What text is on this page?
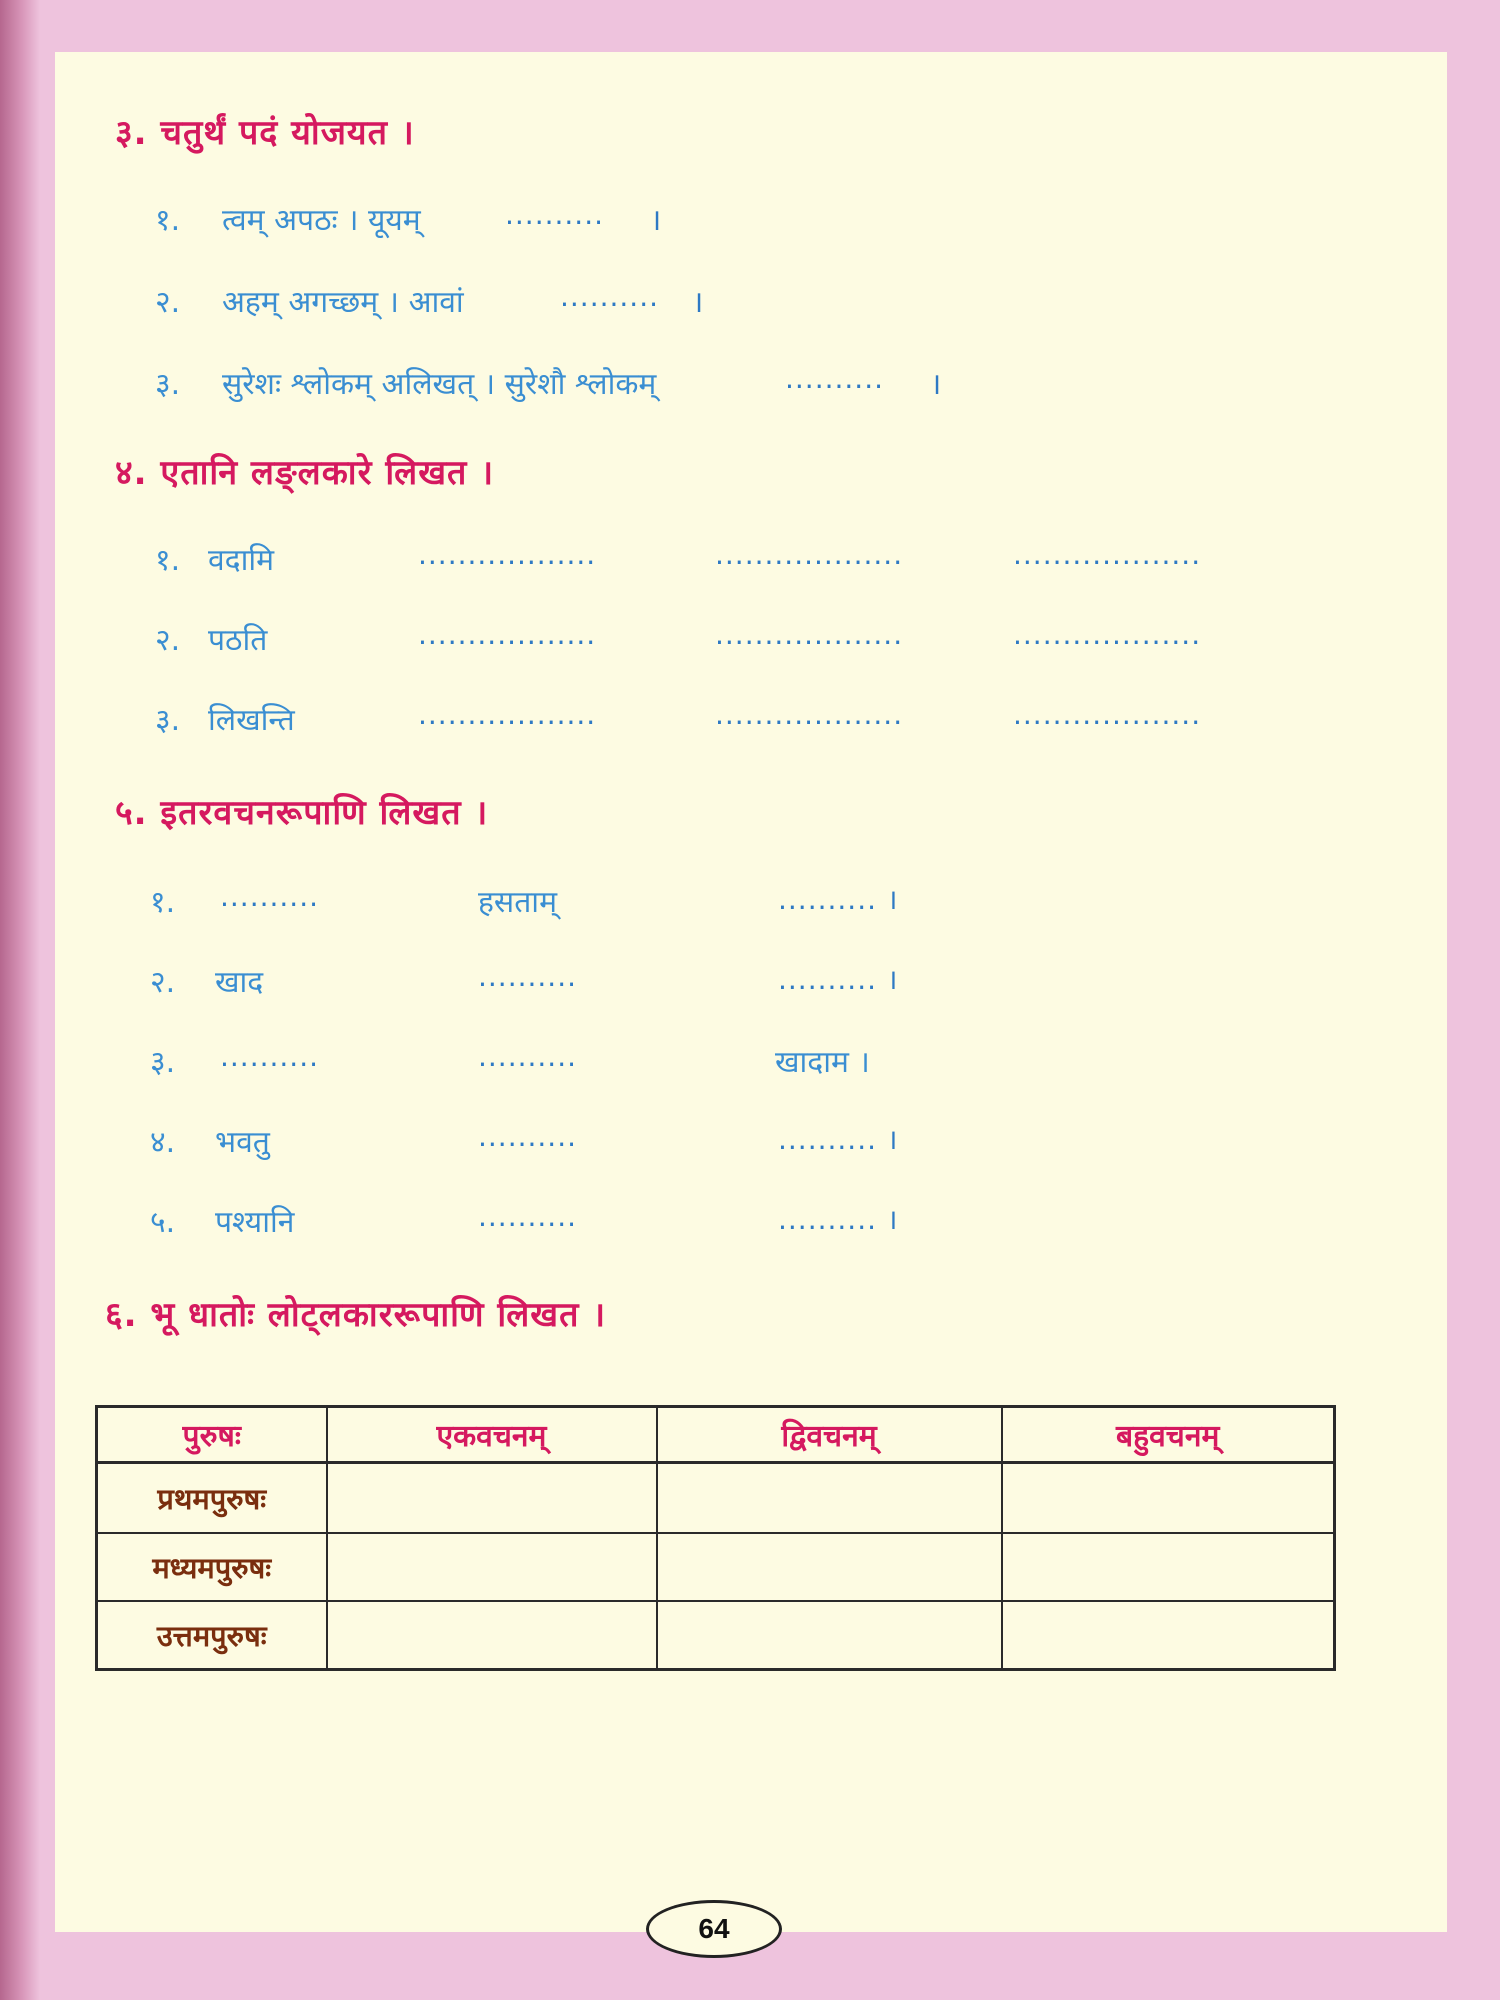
३. चतुर्थं पदं योजयत ।
१. त्वम् अपठः । यूयम्	.......... ।
२. अहम् अगच्छम् । आवां	.......... ।
३. सुरेशः श्लोकम् अलिखत् । सुरेशौ श्लोकम्	.......... ।
४. एतानि लङ्लकारे लिखत ।
१. वदामि	..................	...................	...................
२. पठति	..................	...................	...................
३. लिखन्ति	..................	...................	...................
५. इतरवचनरूपाणि लिखत ।
१. ..........	हसताम्	.......... ।
२. खाद	..........	.......... ।
३. ..........	..........	खादाम ।
४. भवतु	..........	.......... ।
५. पश्यानि	..........	.......... ।
६. भू धातोः लोट्लकाररूपाणि लिखत ।
पुरुषः	एकवचनम्	द्विवचनम्	बहुवचनम्
प्रथमपुरुषः			
मध्यमपुरुषः			
उत्तमपुरुषः			
64
